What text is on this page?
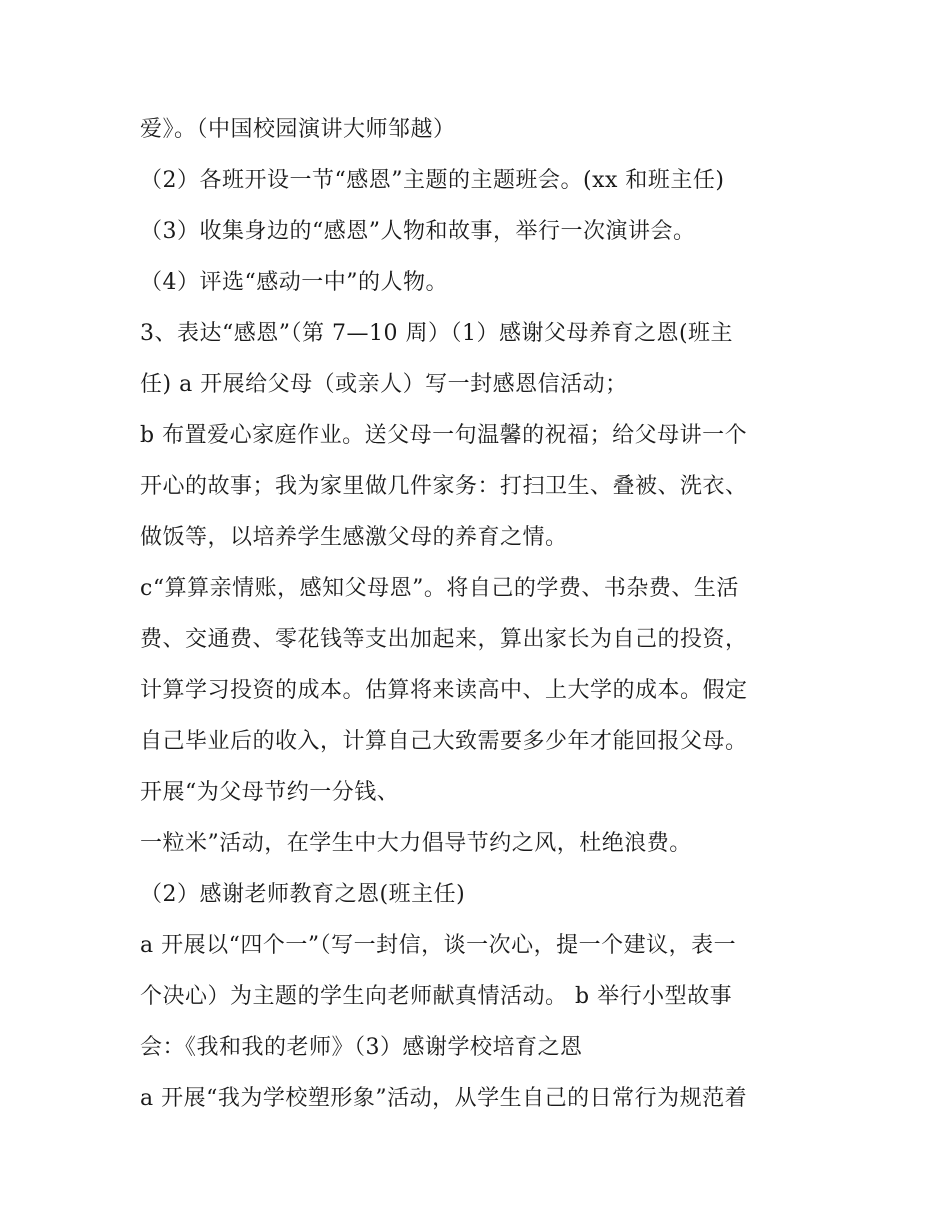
爱》。（中国校园演讲大师邹越）
（2）各班开设一节“感恩”主题的主题班会。(xx 和班主任)
（3）收集身边的“感恩”人物和故事，举行一次演讲会。
（4）评选“感动一中”的人物。
3、表达“感恩”（第 7—10 周）（1）感谢父母养育之恩(班主
任) a 开展给父母（或亲人）写一封感恩信活动；
b 布置爱心家庭作业。送父母一句温馨的祝福；给父母讲一个
开心的故事；我为家里做几件家务：打扫卫生、叠被、洗衣、
做饭等，以培养学生感激父母的养育之情。
c“算算亲情账，感知父母恩”。将自己的学费、书杂费、生活
费、交通费、零花钱等支出加起来，算出家长为自己的投资，
计算学习投资的成本。估算将来读高中、上大学的成本。假定
自己毕业后的收入，计算自己大致需要多少年才能回报父母。
开展“为父母节约一分钱、
一粒米”活动，在学生中大力倡导节约之风，杜绝浪费。
（2）感谢老师教育之恩(班主任)
a 开展以“四个一”（写一封信，谈一次心，提一个建议，表一
个决心）为主题的学生向老师献真情活动。 b 举行小型故事
会：《我和我的老师》（3）感谢学校培育之恩
a 开展“我为学校塑形象”活动，从学生自己的日常行为规范着
